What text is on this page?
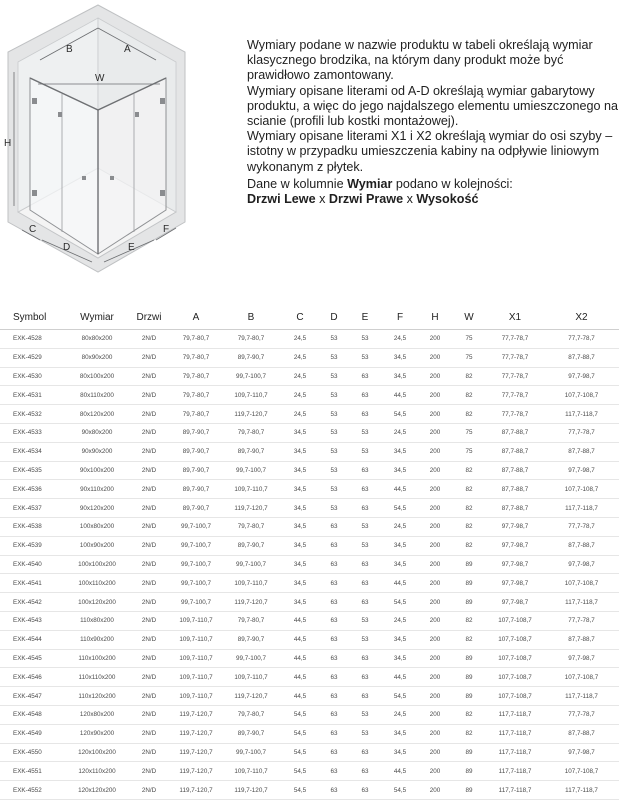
B	A
W
H
C
D	E
F

Wymiary podane w nazwie produktu w tabeli określają wymiar klasycznego brodzika, na którym dany produkt może być prawidłowo zamontowany.

Wymiary opisane literami od A-D określają wymiar gabarytowy produktu, a więc do jego najdalszego elementu umieszczonego na scianie (profili lub kostki montażowej).

Wymiary opisane literami X1 i X2 określają wymiar do osi szyby – istotny w przypadku umieszczenia kabiny na odpływie liniowym wykonanym z płytek.

Dane w kolumnie Wymiar podano w kolejności:

Drzwi Lewe x Drzwi Prawe x Wysokość

Symbol	Wymiar	Drzwi	A	B	C	D	E	F	H	W	X1	X2
EXK-4528	80x80x200	2N/D	79,7-80,7	79,7-80,7	24,5	53	53	24,5	200	75	77,7-78,7	77,7-78,7
EXK-4529	80x90x200	2N/D	79,7-80,7	89,7-90,7	24,5	53	53	34,5	200	75	77,7-78,7	87,7-88,7
EXK-4530	80x100x200	2N/D	79,7-80,7	99,7-100,7	24,5	53	63	34,5	200	82	77,7-78,7	97,7-98,7
EXK-4531	80x110x200	2N/D	79,7-80,7	109,7-110,7	24,5	53	63	44,5	200	82	77,7-78,7	107,7-108,7
EXK-4532	80x120x200	2N/D	79,7-80,7	119,7-120,7	24,5	53	63	54,5	200	82	77,7-78,7	117,7-118,7
EXK-4533	90x80x200	2N/D	89,7-90,7	79,7-80,7	34,5	53	53	24,5	200	75	87,7-88,7	77,7-78,7
EXK-4534	90x90x200	2N/D	89,7-90,7	89,7-90,7	34,5	53	53	34,5	200	75	87,7-88,7	87,7-88,7
EXK-4535	90x100x200	2N/D	89,7-90,7	99,7-100,7	34,5	53	63	34,5	200	82	87,7-88,7	97,7-98,7
EXK-4536	90x110x200	2N/D	89,7-90,7	109,7-110,7	34,5	53	63	44,5	200	82	87,7-88,7	107,7-108,7
EXK-4537	90x120x200	2N/D	89,7-90,7	119,7-120,7	34,5	53	63	54,5	200	82	87,7-88,7	117,7-118,7
EXK-4538	100x80x200	2N/D	99,7-100,7	79,7-80,7	34,5	63	53	24,5	200	82	97,7-98,7	77,7-78,7
EXK-4539	100x90x200	2N/D	99,7-100,7	89,7-90,7	34,5	63	53	34,5	200	82	97,7-98,7	87,7-88,7
EXK-4540	100x100x200	2N/D	99,7-100,7	99,7-100,7	34,5	63	63	34,5	200	89	97,7-98,7	97,7-98,7
EXK-4541	100x110x200	2N/D	99,7-100,7	109,7-110,7	34,5	63	63	44,5	200	89	97,7-98,7	107,7-108,7
EXK-4542	100x120x200	2N/D	99,7-100,7	119,7-120,7	34,5	63	63	54,5	200	89	97,7-98,7	117,7-118,7
EXK-4543	110x80x200	2N/D	109,7-110,7	79,7-80,7	44,5	63	53	24,5	200	82	107,7-108,7	77,7-78,7
EXK-4544	110x90x200	2N/D	109,7-110,7	89,7-90,7	44,5	63	53	34,5	200	82	107,7-108,7	87,7-88,7
EXK-4545	110x100x200	2N/D	109,7-110,7	99,7-100,7	44,5	63	63	34,5	200	89	107,7-108,7	97,7-98,7
EXK-4546	110x110x200	2N/D	109,7-110,7	109,7-110,7	44,5	63	63	44,5	200	89	107,7-108,7	107,7-108,7
EXK-4547	110x120x200	2N/D	109,7-110,7	119,7-120,7	44,5	63	63	54,5	200	89	107,7-108,7	117,7-118,7
EXK-4548	120x80x200	2N/D	119,7-120,7	79,7-80,7	54,5	63	53	24,5	200	82	117,7-118,7	77,7-78,7
EXK-4549	120x90x200	2N/D	119,7-120,7	89,7-90,7	54,5	63	53	34,5	200	82	117,7-118,7	87,7-88,7
EXK-4550	120x100x200	2N/D	119,7-120,7	99,7-100,7	54,5	63	63	34,5	200	89	117,7-118,7	97,7-98,7
EXK-4551	120x110x200	2N/D	119,7-120,7	109,7-110,7	54,5	63	63	44,5	200	89	117,7-118,7	107,7-108,7
EXK-4552	120x120x200	2N/D	119,7-120,7	119,7-120,7	54,5	63	63	54,5	200	89	117,7-118,7	117,7-118,7
